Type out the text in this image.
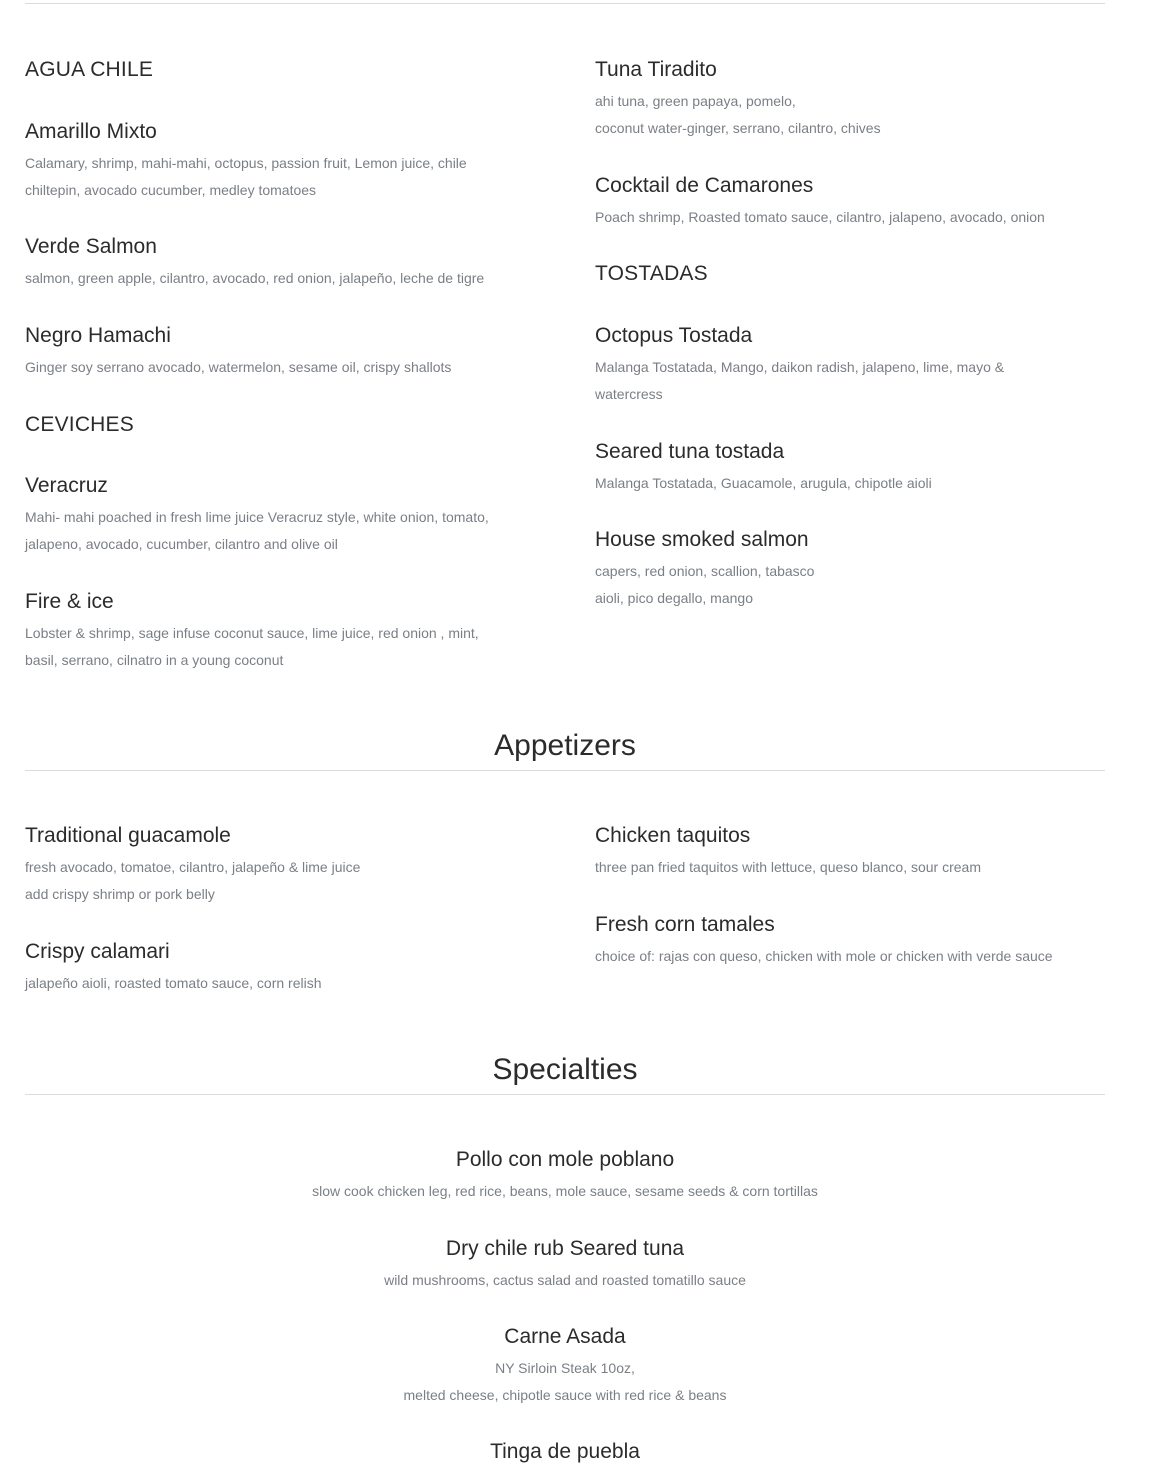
AGUA CHILE

Amarillo Mixto

Calamary, shrimp, mahi-mahi, octopus, passion fruit, Lemon juice, chile
chiltepin, avocado cucumber, medley tomatoes

Verde Salmon

salmon, green apple, cilantro, avocado, red onion, jalapeño, leche de tigre

Negro Hamachi

Ginger soy serrano avocado, watermelon, sesame oil, crispy shallots

CEVICHES

Veracruz

Mahi- mahi poached in fresh lime juice Veracruz style, white onion, tomato,
jalapeno, avocado, cucumber, cilantro and olive oil

Fire & ice

Lobster & shrimp, sage infuse coconut sauce, lime juice, red onion , mint,
basil, serrano, cilnatro in a young coconut

Tuna Tiradito

ahi tuna, green papaya, pomelo,
coconut water-ginger, serrano, cilantro, chives

Cocktail de Camarones

Poach shrimp, Roasted tomato sauce, cilantro, jalapeno, avocado, onion

TOSTADAS

Octopus Tostada

Malanga Tostatada, Mango, daikon radish, jalapeno, lime, mayo &
watercress

Seared tuna tostada

Malanga Tostatada, Guacamole, arugula, chipotle aioli

House smoked salmon

capers, red onion, scallion, tabasco
aioli, pico degallo, mango
Appetizers

Traditional guacamole

fresh avocado, tomatoe, cilantro, jalapeño & lime juice
add crispy shrimp or pork belly

Crispy calamari

jalapeño aioli, roasted tomato sauce, corn relish

Chicken taquitos

three pan fried taquitos with lettuce, queso blanco, sour cream

Fresh corn tamales

choice of: rajas con queso, chicken with mole or chicken with verde sauce
Specialties

Pollo con mole poblano

slow cook chicken leg, red rice, beans, mole sauce, sesame seeds & corn tortillas

Dry chile rub Seared tuna

wild mushrooms, cactus salad and roasted tomatillo sauce

Carne Asada

NY Sirloin Steak 10oz,
melted cheese, chipotle sauce with red rice & beans

Tinga de puebla
